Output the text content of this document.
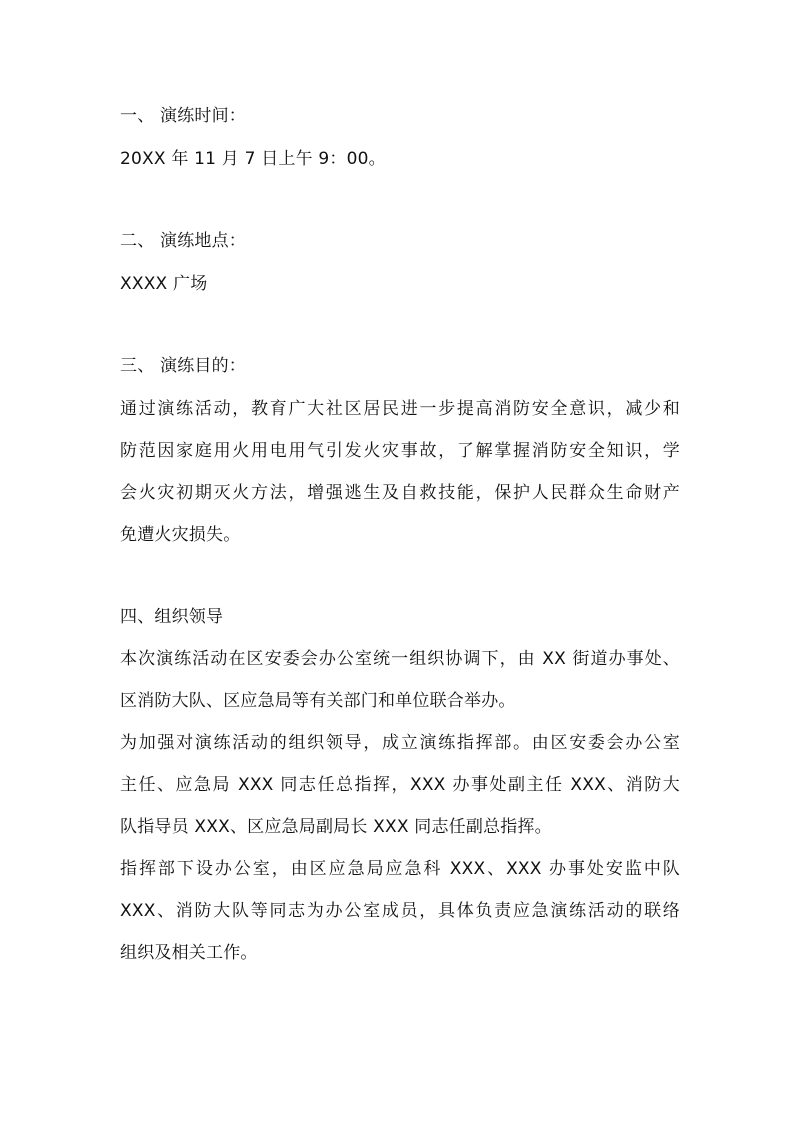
一、 演练时间：
20XX 年 11 月 7 日上午 9：00。
二、 演练地点：
XXXX 广场
三、 演练目的：
通过演练活动，教育广大社区居民进一步提高消防安全意识，减少和
防范因家庭用火用电用气引发火灾事故，了解掌握消防安全知识，学
会火灾初期灭火方法，增强逃生及自救技能，保护人民群众生命财产
免遭火灾损失。
四、组织领导
本次演练活动在区安委会办公室统一组织协调下，由 XX 街道办事处、
区消防大队、区应急局等有关部门和单位联合举办。
为加强对演练活动的组织领导，成立演练指挥部。由区安委会办公室
主任、应急局 XXX 同志任总指挥，XXX 办事处副主任 XXX、消防大
队指导员 XXX、区应急局副局长 XXX 同志任副总指挥。
指挥部下设办公室，由区应急局应急科 XXX、XXX 办事处安监中队
XXX、消防大队等同志为办公室成员，具体负责应急演练活动的联络
组织及相关工作。
